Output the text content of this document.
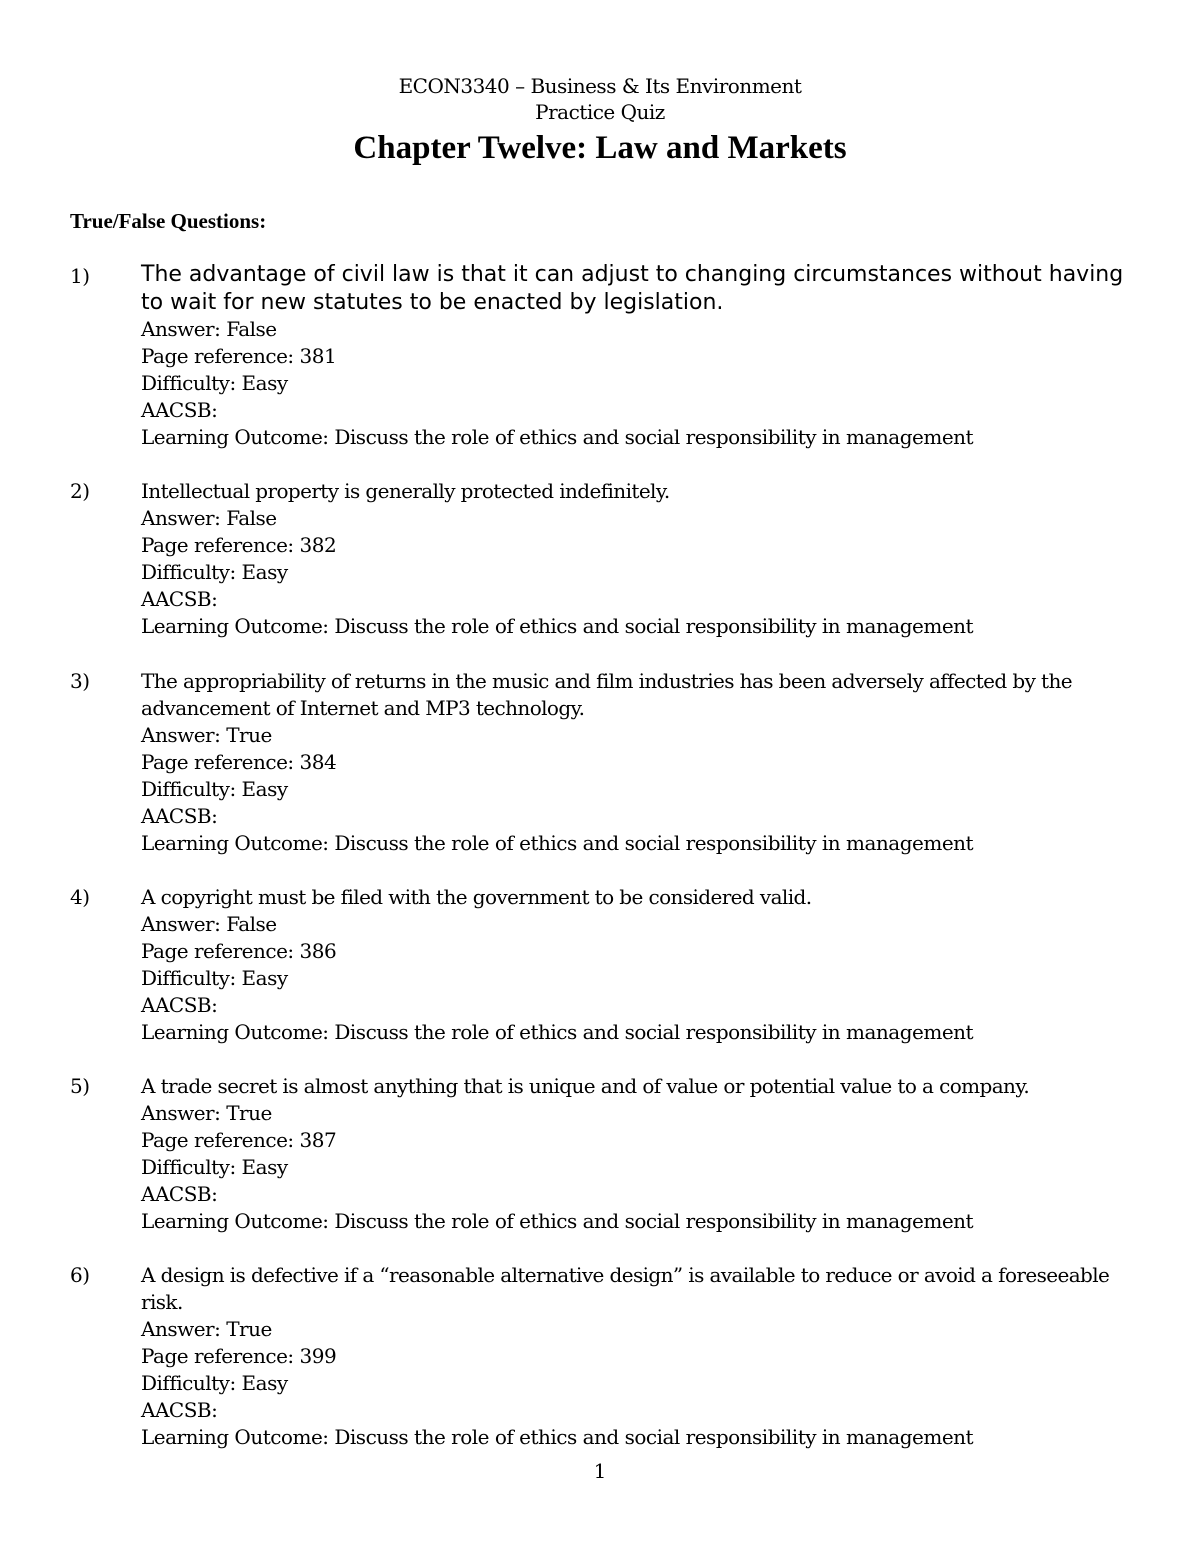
ECON3340 – Business & Its Environment
Practice Quiz
Chapter Twelve: Law and Markets
True/False Questions:
1) The advantage of civil law is that it can adjust to changing circumstances without having to wait for new statutes to be enacted by legislation.
Answer: False
Page reference: 381
Difficulty: Easy
AACSB:
Learning Outcome: Discuss the role of ethics and social responsibility in management
2)	Intellectual property is generally protected indefinitely.
Answer: False
Page reference: 382
Difficulty: Easy
AACSB:
Learning Outcome: Discuss the role of ethics and social responsibility in management
3)	The appropriability of returns in the music and film industries has been adversely affected by the advancement of Internet and MP3 technology.
Answer: True
Page reference: 384
Difficulty: Easy
AACSB:
Learning Outcome: Discuss the role of ethics and social responsibility in management
4)	A copyright must be filed with the government to be considered valid.
Answer: False
Page reference: 386
Difficulty: Easy
AACSB:
Learning Outcome: Discuss the role of ethics and social responsibility in management
5)	A trade secret is almost anything that is unique and of value or potential value to a company.
Answer: True
Page reference: 387
Difficulty: Easy
AACSB:
Learning Outcome: Discuss the role of ethics and social responsibility in management
6)	A design is defective if a “reasonable alternative design” is available to reduce or avoid a foreseeable risk.
Answer: True
Page reference: 399
Difficulty: Easy
AACSB:
Learning Outcome: Discuss the role of ethics and social responsibility in management
1
